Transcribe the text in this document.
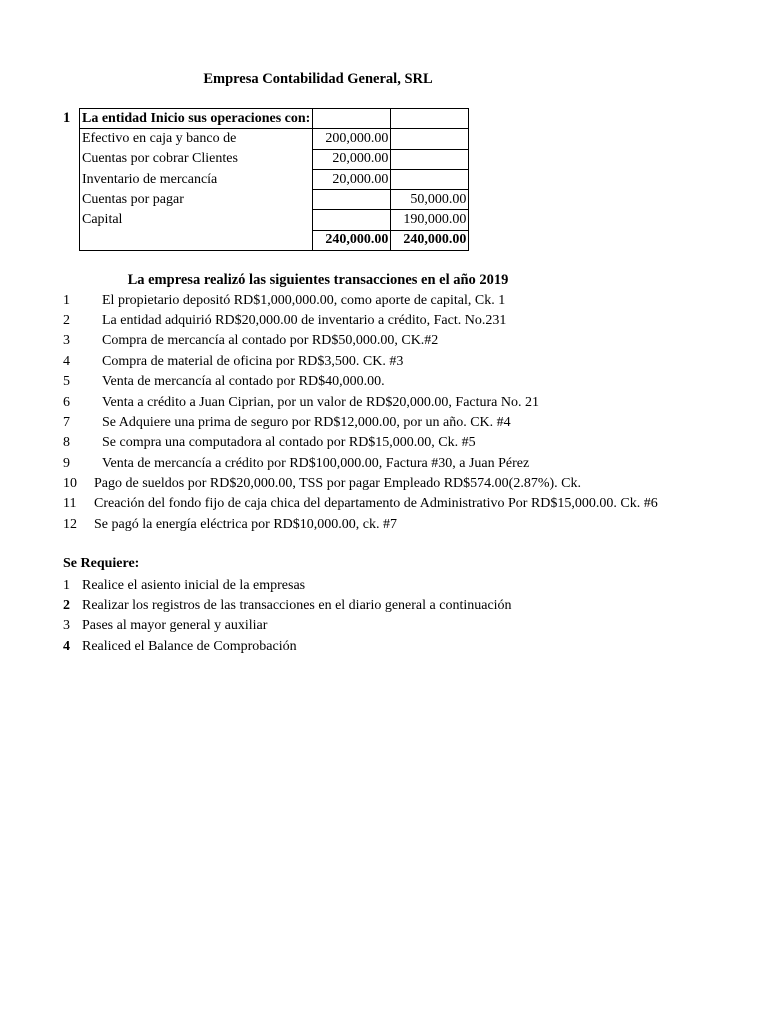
Empresa Contabilidad General, SRL
1 La entidad Inicio sus operaciones con:		
Efectivo en caja y banco de	200,000.00	
Cuentas por cobrar Clientes	20,000.00	
Inventario de mercancía	20,000.00	
Cuentas por pagar		50,000.00
Capital		190,000.00
	240,000.00	240,000.00
La empresa realizó las siguientes transacciones en el año 2019
1 El propietario depositó RD$1,000,000.00, como aporte de capital, Ck. 1
2 La entidad adquirió RD$20,000.00 de inventario a crédito, Fact. No.231
3 Compra de mercancía al contado por RD$50,000.00, CK.#2
4 Compra de material de oficina por RD$3,500. CK. #3
5 Venta de mercancía al contado por RD$40,000.00.
6 Venta a crédito a Juan Ciprian, por un valor de RD$20,000.00, Factura No. 21
7 Se Adquiere una prima de seguro por RD$12,000.00, por un año. CK. #4
8 Se compra una computadora al contado por RD$15,000.00, Ck. #5
9 Venta de mercancía a crédito por RD$100,000.00, Factura #30, a Juan Pérez
10 Pago de sueldos por RD$20,000.00, TSS por pagar Empleado RD$574.00(2.87%). Ck.
11 Creación del fondo fijo de caja chica del departamento de Administrativo Por RD$15,000.00. Ck. #6
12 Se pagó la energía eléctrica por RD$10,000.00, ck. #7
Se Requiere:
1 Realice el asiento inicial de la empresas
2 Realizar los registros de las transacciones en el diario general a continuación
3 Pases al mayor general y auxiliar
4 Realiced el Balance de Comprobación
